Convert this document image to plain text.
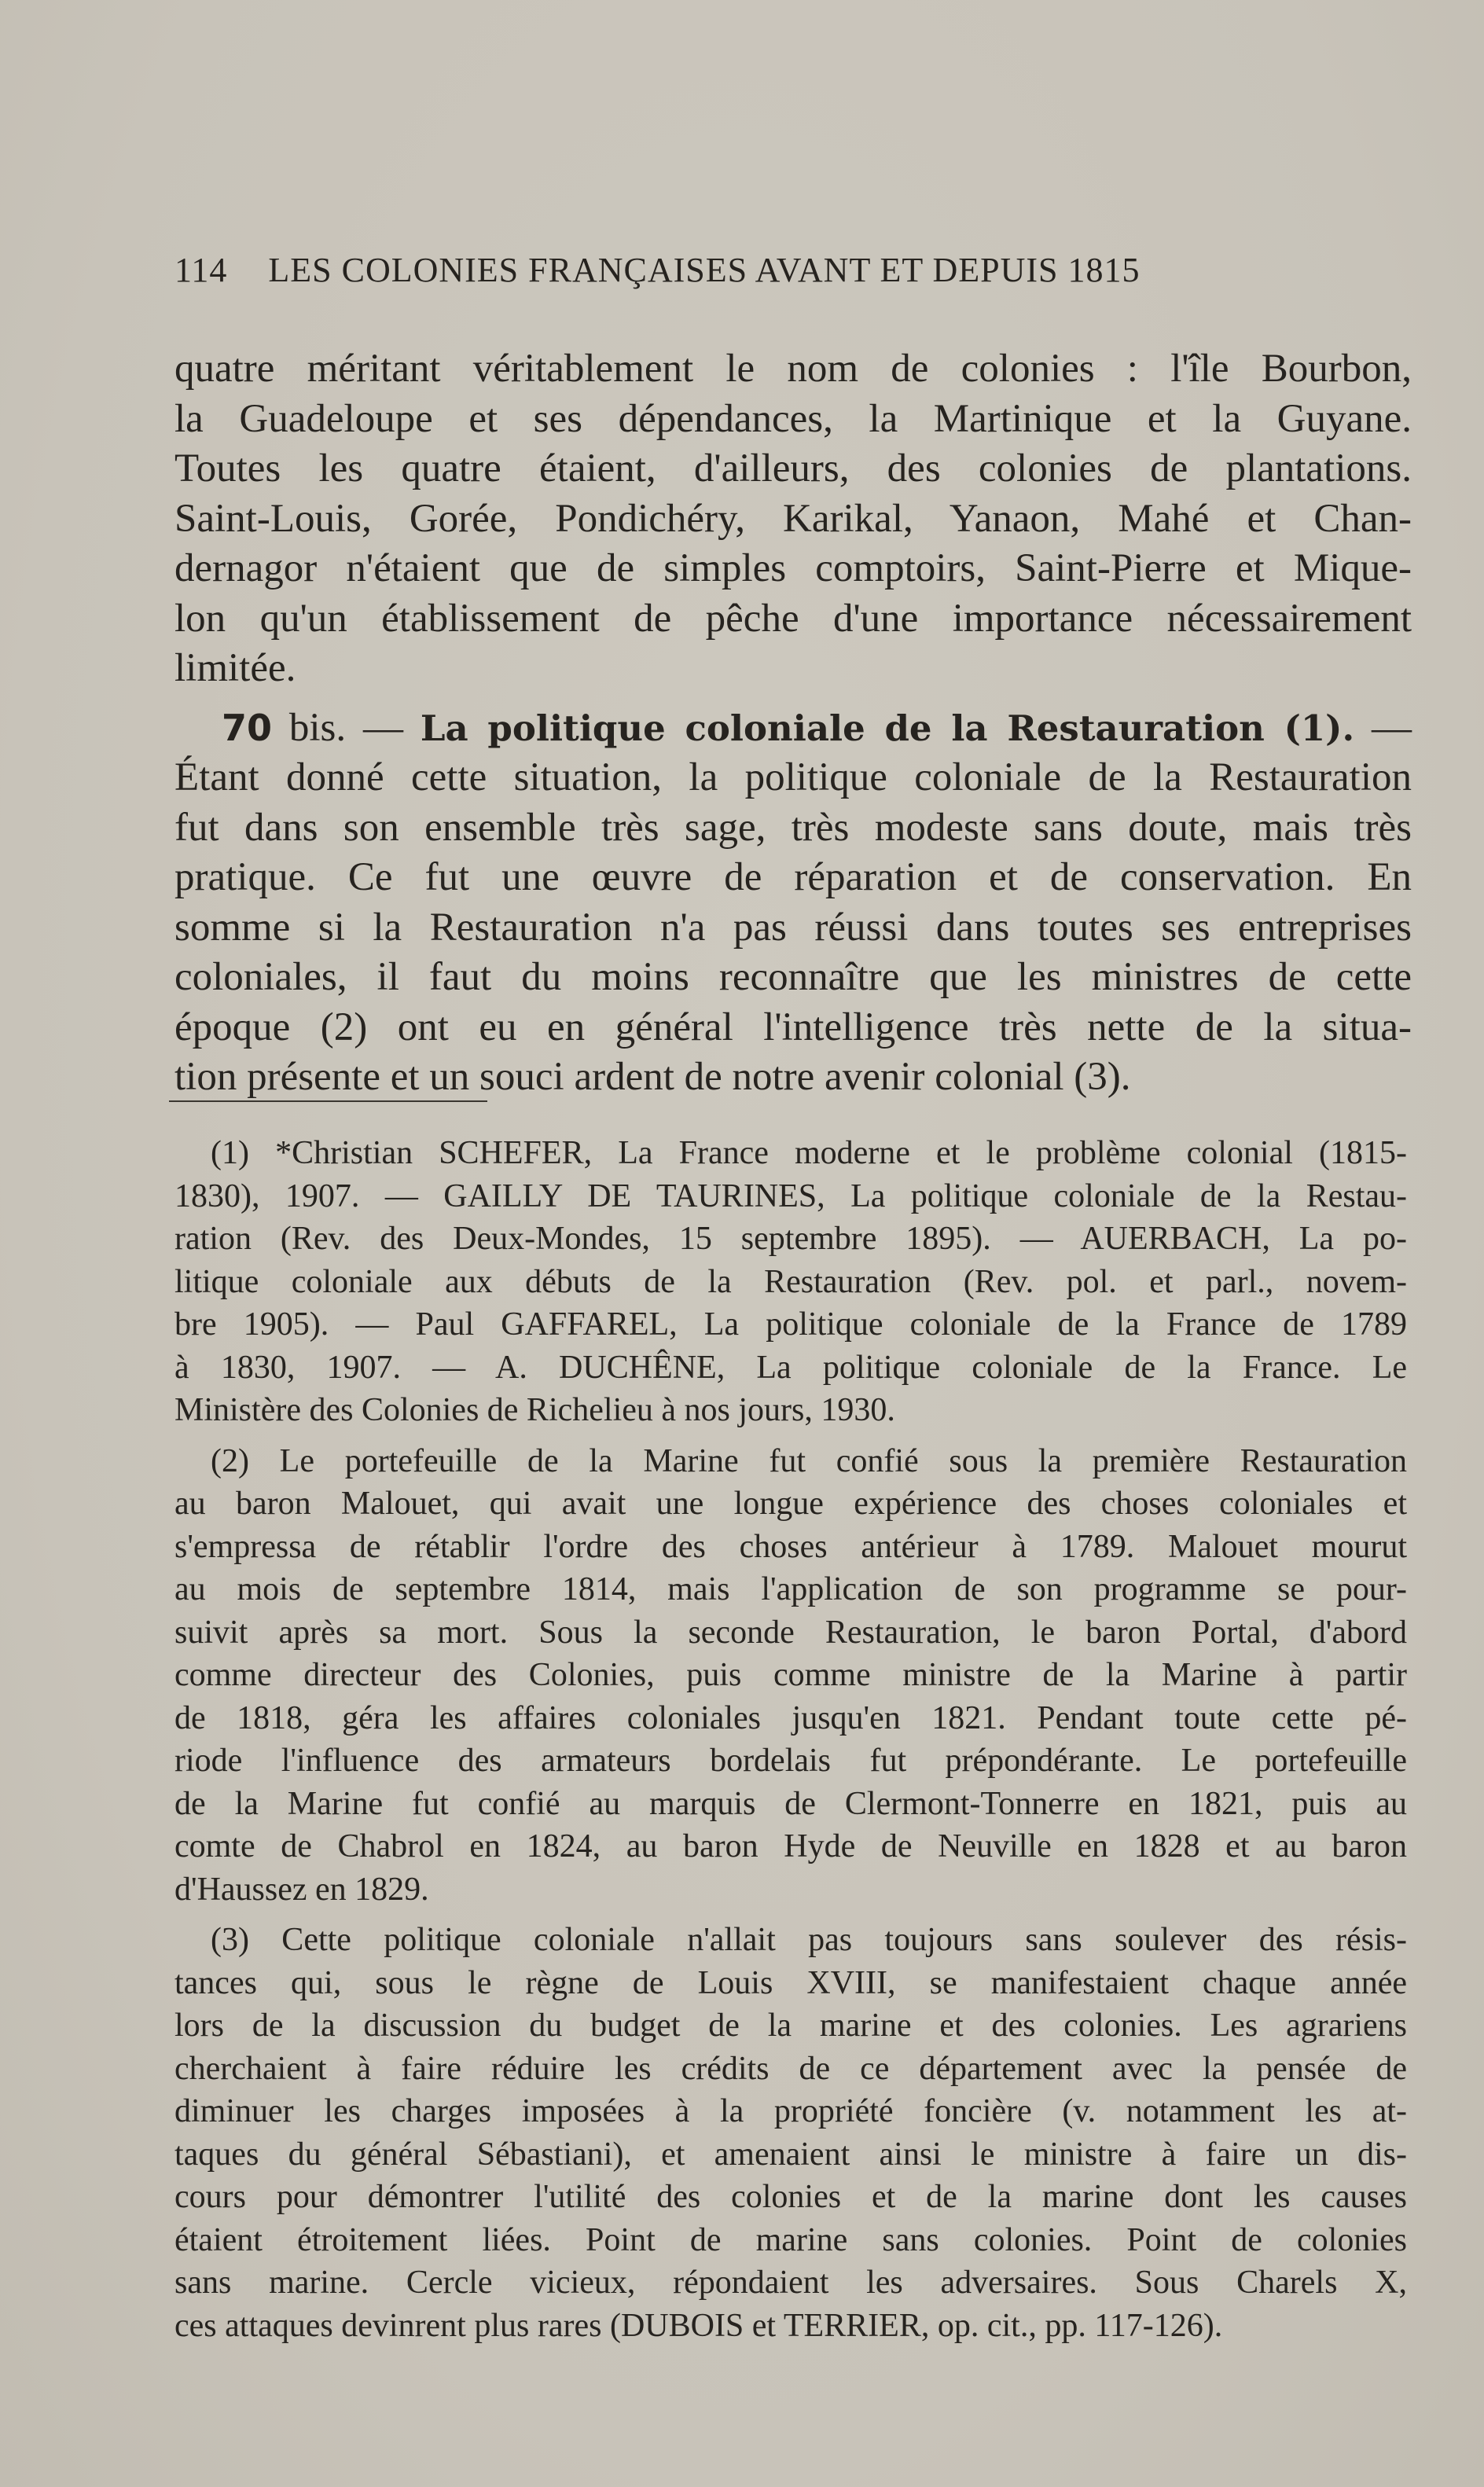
114 LES COLONIES FRANÇAISES AVANT ET DEPUIS 1815

quatre méritant véritablement le nom de colonies : l'île Bourbon,
la Guadeloupe et ses dépendances, la Martinique et la Guyane.
Toutes les quatre étaient, d'ailleurs, des colonies de plantations.
Saint-Louis, Gorée, Pondichéry, Karikal, Yanaon, Mahé et Chan-
dernagor n'étaient que de simples comptoirs, Saint-Pierre et Mique-
lon qu'un établissement de pêche d'une importance nécessairement
limitée.

70 bis. — La politique coloniale de la Restauration (1). —
Étant donné cette situation, la politique coloniale de la Restauration
fut dans son ensemble très sage, très modeste sans doute, mais très
pratique. Ce fut une œuvre de réparation et de conservation. En
somme si la Restauration n'a pas réussi dans toutes ses entreprises
coloniales, il faut du moins reconnaître que les ministres de cette
époque (2) ont eu en général l'intelligence très nette de la situa-
tion présente et un souci ardent de notre avenir colonial (3).

(1) *Christian SCHEFER, La France moderne et le problème colonial (1815-
1830), 1907. — GAILLY DE TAURINES, La politique coloniale de la Restau-
ration (Rev. des Deux-Mondes, 15 septembre 1895). — AUERBACH, La po-
litique coloniale aux débuts de la Restauration (Rev. pol. et parl., novem-
bre 1905). — Paul GAFFAREL, La politique coloniale de la France de 1789
à 1830, 1907. — A. DUCHÊNE, La politique coloniale de la France. Le
Ministère des Colonies de Richelieu à nos jours, 1930.

(2) Le portefeuille de la Marine fut confié sous la première Restauration
au baron Malouet, qui avait une longue expérience des choses coloniales et
s'empressa de rétablir l'ordre des choses antérieur à 1789. Malouet mourut
au mois de septembre 1814, mais l'application de son programme se pour-
suivit après sa mort. Sous la seconde Restauration, le baron Portal, d'abord
comme directeur des Colonies, puis comme ministre de la Marine à partir
de 1818, géra les affaires coloniales jusqu'en 1821. Pendant toute cette pé-
riode l'influence des armateurs bordelais fut prépondérante. Le portefeuille
de la Marine fut confié au marquis de Clermont-Tonnerre en 1821, puis au
comte de Chabrol en 1824, au baron Hyde de Neuville en 1828 et au baron
d'Haussez en 1829.

(3) Cette politique coloniale n'allait pas toujours sans soulever des résis-
tances qui, sous le règne de Louis XVIII, se manifestaient chaque année
lors de la discussion du budget de la marine et des colonies. Les agrariens
cherchaient à faire réduire les crédits de ce département avec la pensée de
diminuer les charges imposées à la propriété foncière (v. notamment les at-
taques du général Sébastiani), et amenaient ainsi le ministre à faire un dis-
cours pour démontrer l'utilité des colonies et de la marine dont les causes
étaient étroitement liées. Point de marine sans colonies. Point de colonies
sans marine. Cercle vicieux, répondaient les adversaires. Sous Charels X,
ces attaques devinrent plus rares (DUBOIS et TERRIER, op. cit., pp. 117-126).
